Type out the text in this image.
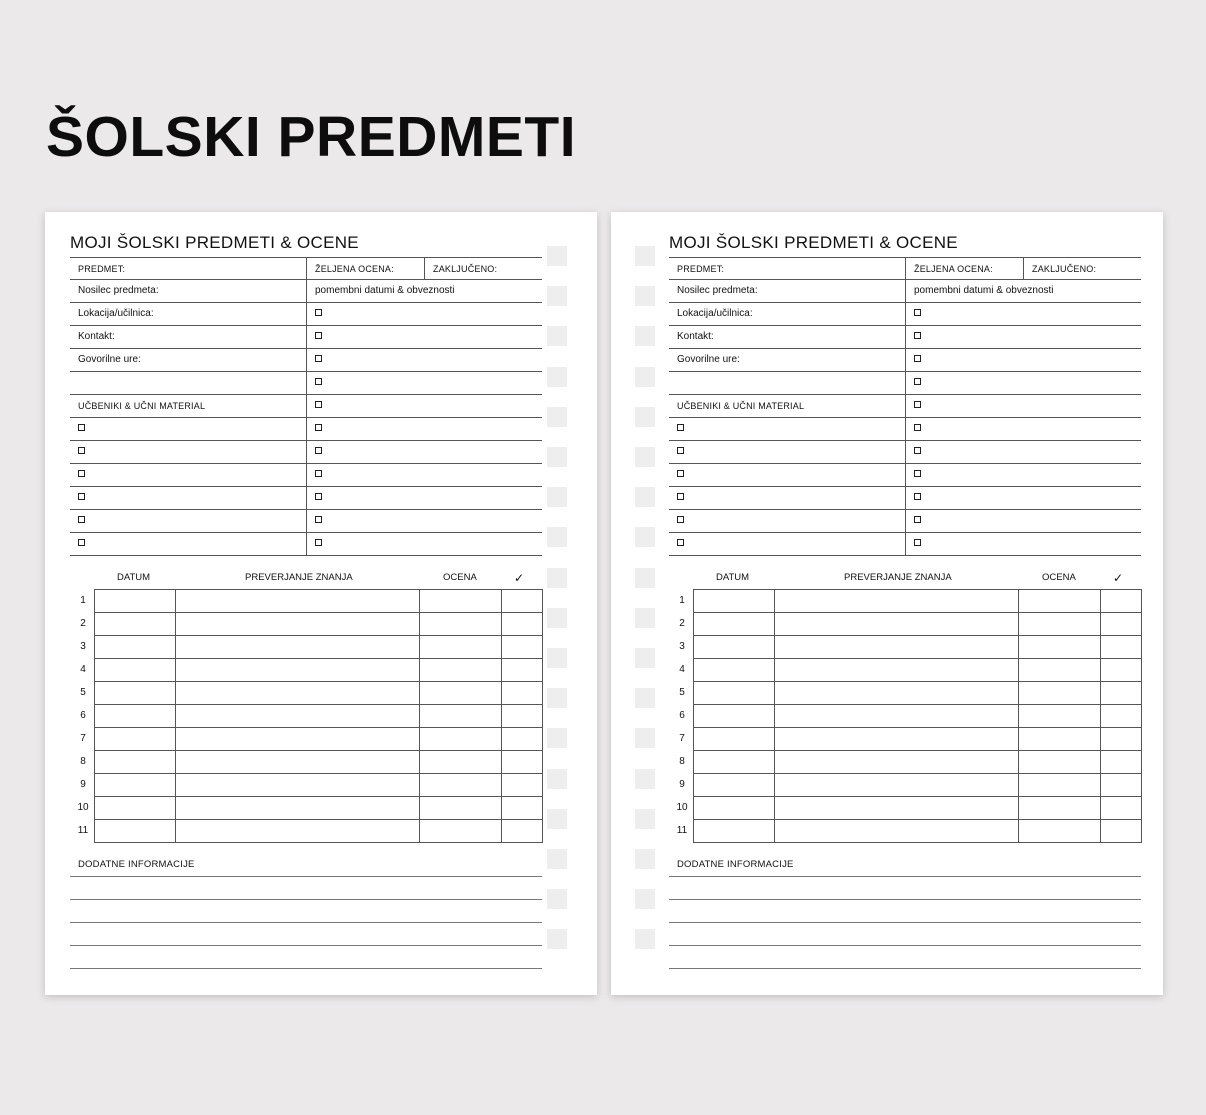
ŠOLSKI PREDMETI
MOJI ŠOLSKI PREDMETI & OCENE
PREDMET:	ŽELJENA OCENA:	ZAKLJUČENO:
Nosilec predmeta:	pomembni datumi & obveznosti
Lokacija/učilnica:
Kontakt:
Govorilne ure:
UČBENIKI & UČNI MATERIAL
DATUM	PREVERJANJE ZNANJA	OCENA	✓

1
2
3
4
5
6
7
8
9
10
11
DODATNE INFORMACIJE
MOJI ŠOLSKI PREDMETI & OCENE
PREDMET:	ŽELJENA OCENA:	ZAKLJUČENO:
Nosilec predmeta:	pomembni datumi & obveznosti
Lokacija/učilnica:
Kontakt:
Govorilne ure:
UČBENIKI & UČNI MATERIAL
DATUM	PREVERJANJE ZNANJA	OCENA	✓

1
2
3
4
5
6
7
8
9
10
11
DODATNE INFORMACIJE
